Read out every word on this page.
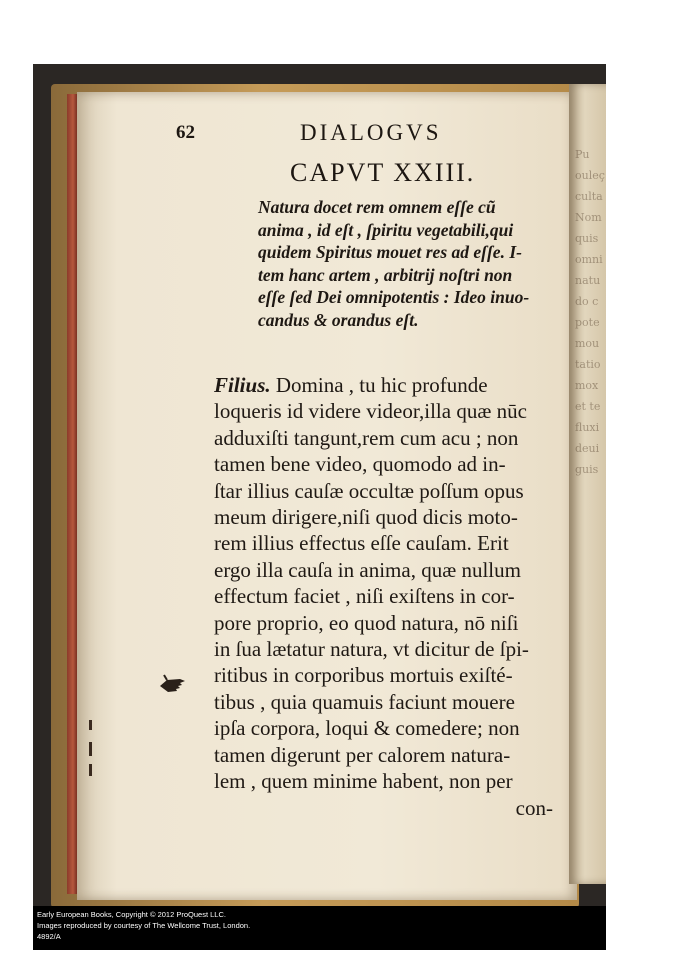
Pu
ouleç
culta
Nom
quis
omni
natu
do c
pote
mou
tatio
mox
et te
fluxi
deui
guis
62	DIALOGVS
CAPVT XXIII.
Natura docet rem omnem eſſe cũ
anima , id eſt , ſpiritu vegetabili,qui
quidem Spiritus mouet res ad eſſe. I-
tem hanc artem , arbitrij noſtri non
eſſe ſed Dei omnipotentis : Ideo inuo-
candus & orandus eſt.
Filius. Domina , tu hic profunde
loqueris id videre videor,illa quæ nūc
adduxiſti tangunt,rem cum acu ; non
tamen bene video, quomodo ad in-
ſtar illius cauſæ occultæ poſſum opus
meum dirigere,niſi quod dicis moto-
rem illius effectus eſſe cauſam. Erit
ergo illa cauſa in anima, quæ nullum
effectum faciet , niſi exiſtens in cor-
pore proprio, eo quod natura, nō niſi
in ſua lætatur natura, vt dicitur de ſpi-
ritibus in corporibus mortuis exiſté-
tibus , quia quamuis faciunt mouere
ipſa corpora, loqui & comedere; non
tamen digerunt per calorem natura-
lem , quem minime habent, non per
con-
Early European Books, Copyright © 2012 ProQuest LLC.
Images reproduced by courtesy of The Wellcome Trust, London.
4892/A
